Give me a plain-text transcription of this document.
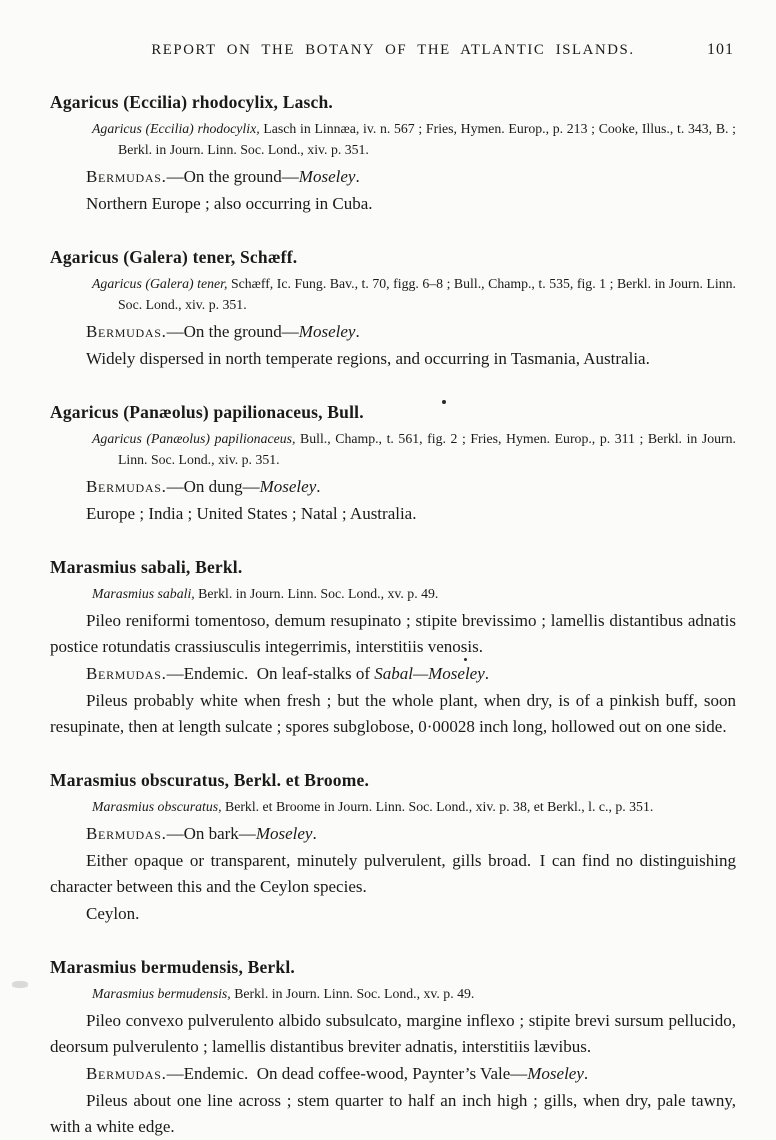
REPORT ON THE BOTANY OF THE ATLANTIC ISLANDS.	101

Agaricus (Eccilia) rhodocylix, Lasch.

Agaricus (Eccilia) rhodocylix, Lasch in Linnæa, iv. n. 567 ; Fries, Hymen. Europ., p. 213 ; Cooke, Illus., t. 343, B. ; Berkl. in Journ. Linn. Soc. Lond., xiv. p. 351.

Bermudas.—On the ground—Moseley.

Northern Europe ; also occurring in Cuba.

Agaricus (Galera) tener, Schæff.

Agaricus (Galera) tener, Schæff, Ic. Fung. Bav., t. 70, figg. 6–8 ; Bull., Champ., t. 535, fig. 1 ; Berkl. in Journ. Linn. Soc. Lond., xiv. p. 351.

Bermudas.—On the ground—Moseley.

Widely dispersed in north temperate regions, and occurring in Tasmania, Australia.

Agaricus (Panæolus) papilionaceus, Bull.

Agaricus (Panæolus) papilionaceus, Bull., Champ., t. 561, fig. 2 ; Fries, Hymen. Europ., p. 311 ; Berkl. in Journ. Linn. Soc. Lond., xiv. p. 351.

Bermudas.—On dung—Moseley.

Europe ; India ; United States ; Natal ; Australia.

Marasmius sabali, Berkl.

Marasmius sabali, Berkl. in Journ. Linn. Soc. Lond., xv. p. 49.

Pileo reniformi tomentoso, demum resupinato ; stipite brevissimo ; lamellis distantibus adnatis postice rotundatis crassiusculis integerrimis, interstitiis venosis.

Bermudas.—Endemic. On leaf-stalks of Sabal—Moseley.

Pileus probably white when fresh ; but the whole plant, when dry, is of a pinkish buff, soon resupinate, then at length sulcate ; spores subglobose, 0·00028 inch long, hollowed out on one side.

Marasmius obscuratus, Berkl. et Broome.

Marasmius obscuratus, Berkl. et Broome in Journ. Linn. Soc. Lond., xiv. p. 38, et Berkl., l. c., p. 351.

Bermudas.—On bark—Moseley.

Either opaque or transparent, minutely pulverulent, gills broad. I can find no distinguishing character between this and the Ceylon species.

Ceylon.

Marasmius bermudensis, Berkl.

Marasmius bermudensis, Berkl. in Journ. Linn. Soc. Lond., xv. p. 49.

Pileo convexo pulverulento albido subsulcato, margine inflexo ; stipite brevi sursum pellucido, deorsum pulverulento ; lamellis distantibus breviter adnatis, interstitiis lævibus.

Bermudas.—Endemic. On dead coffee-wood, Paynter’s Vale—Moseley.

Pileus about one line across ; stem quarter to half an inch high ; gills, when dry, pale tawny, with a white edge.
